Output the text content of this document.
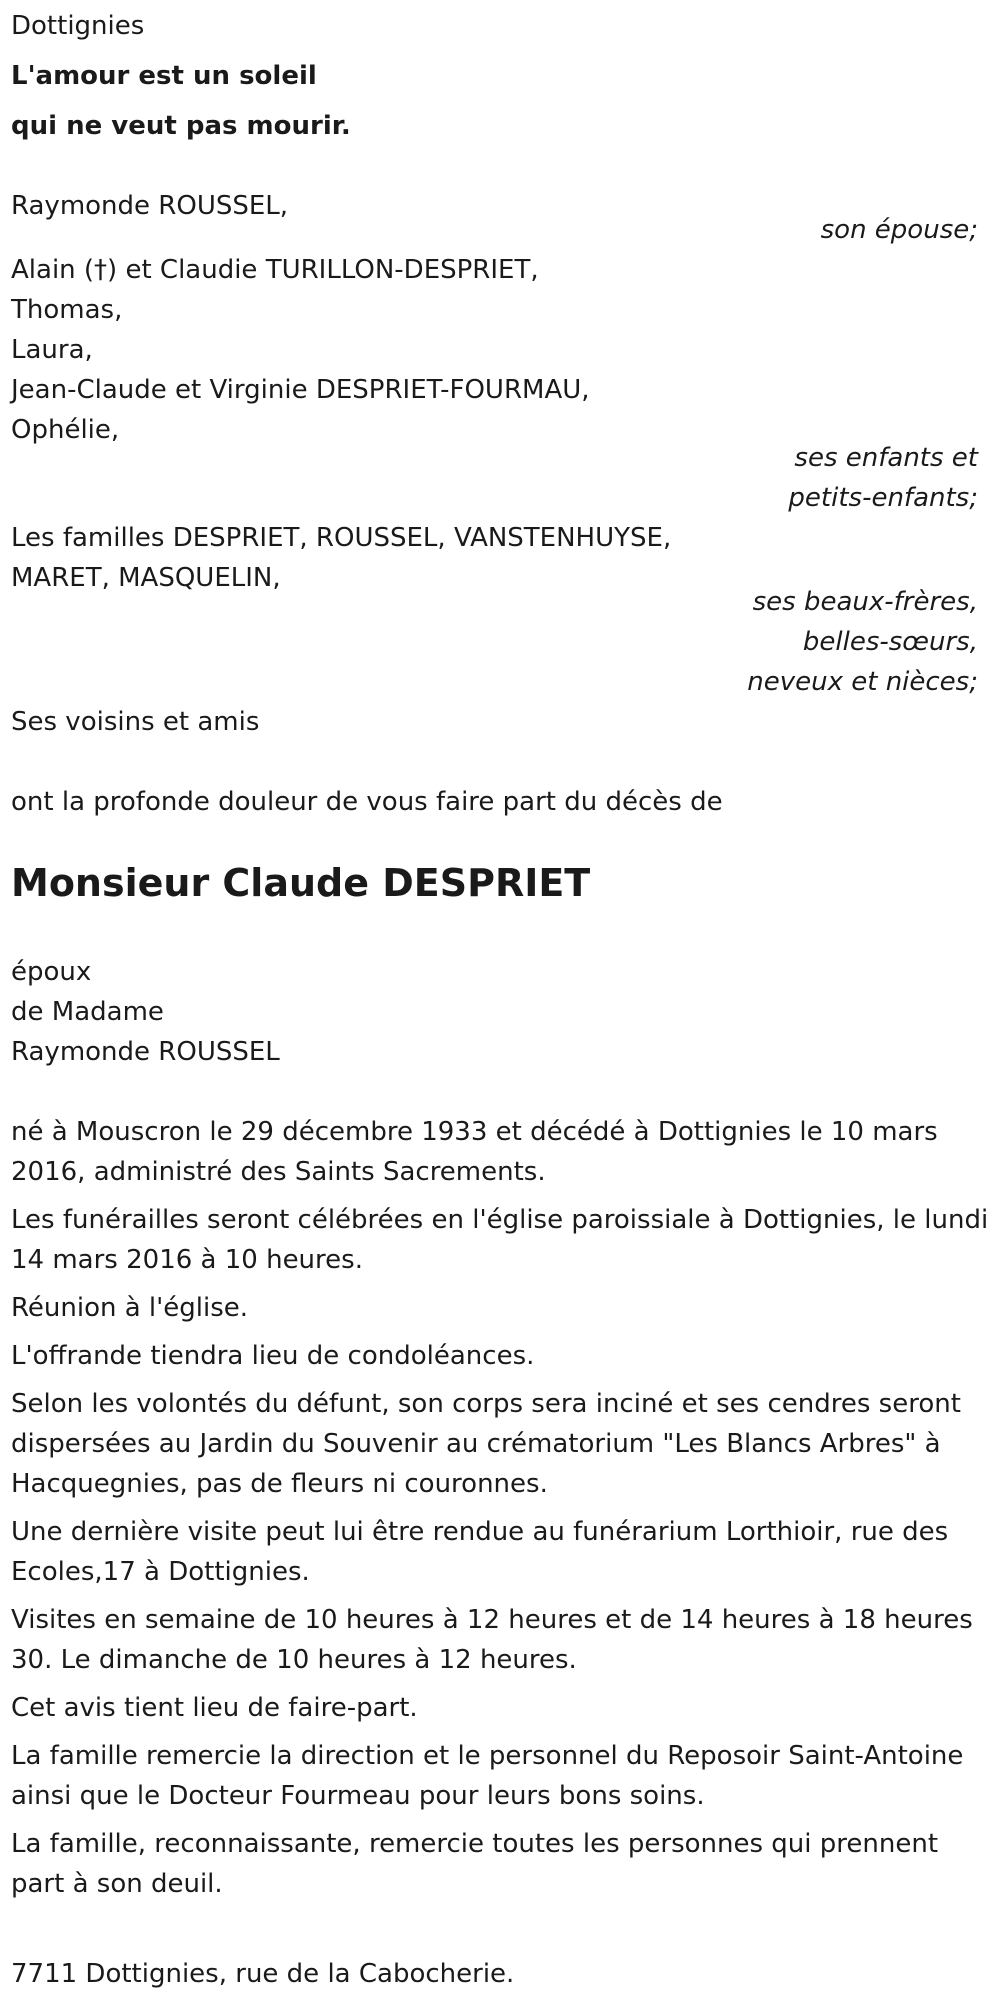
Dottignies
L'amour est un soleil
qui ne veut pas mourir.
Raymonde ROUSSEL,
son épouse;
Alain (†) et Claudie TURILLON-DESPRIET,
Thomas,
Laura,
Jean-Claude et Virginie DESPRIET-FOURMAU,
Ophélie,
ses enfants et
petits-enfants;
Les familles DESPRIET, ROUSSEL, VANSTENHUYSE,
MARET, MASQUELIN,
ses beaux-frères,
belles-sœurs,
neveux et nièces;
Ses voisins et amis
ont la profonde douleur de vous faire part du décès de
Monsieur Claude DESPRIET
époux
de Madame
Raymonde ROUSSEL

né à Mouscron le 29 décembre 1933 et décédé à Dottignies le 10 mars 2016, administré des Saints Sacrements.

Les funérailles seront célébrées en l'église paroissiale à Dottignies, le lundi 14 mars 2016 à 10 heures.

Réunion à l'église.

L'offrande tiendra lieu de condoléances.

Selon les volontés du défunt, son corps sera inciné et ses cendres seront dispersées au Jardin du Souvenir au crématorium "Les Blancs Arbres" à Hacquegnies, pas de fleurs ni couronnes.

Une dernière visite peut lui être rendue au funérarium Lorthioir, rue des Ecoles,17 à Dottignies.

Visites en semaine de 10 heures à 12 heures et de 14 heures à 18 heures 30. Le dimanche de 10 heures à 12 heures.

Cet avis tient lieu de faire-part.

La famille remercie la direction et le personnel du Reposoir Saint-Antoine ainsi que le Docteur Fourmeau pour leurs bons soins.

La famille, reconnaissante, remercie toutes les personnes qui prennent part à son deuil.

7711 Dottignies, rue de la Cabocherie.
